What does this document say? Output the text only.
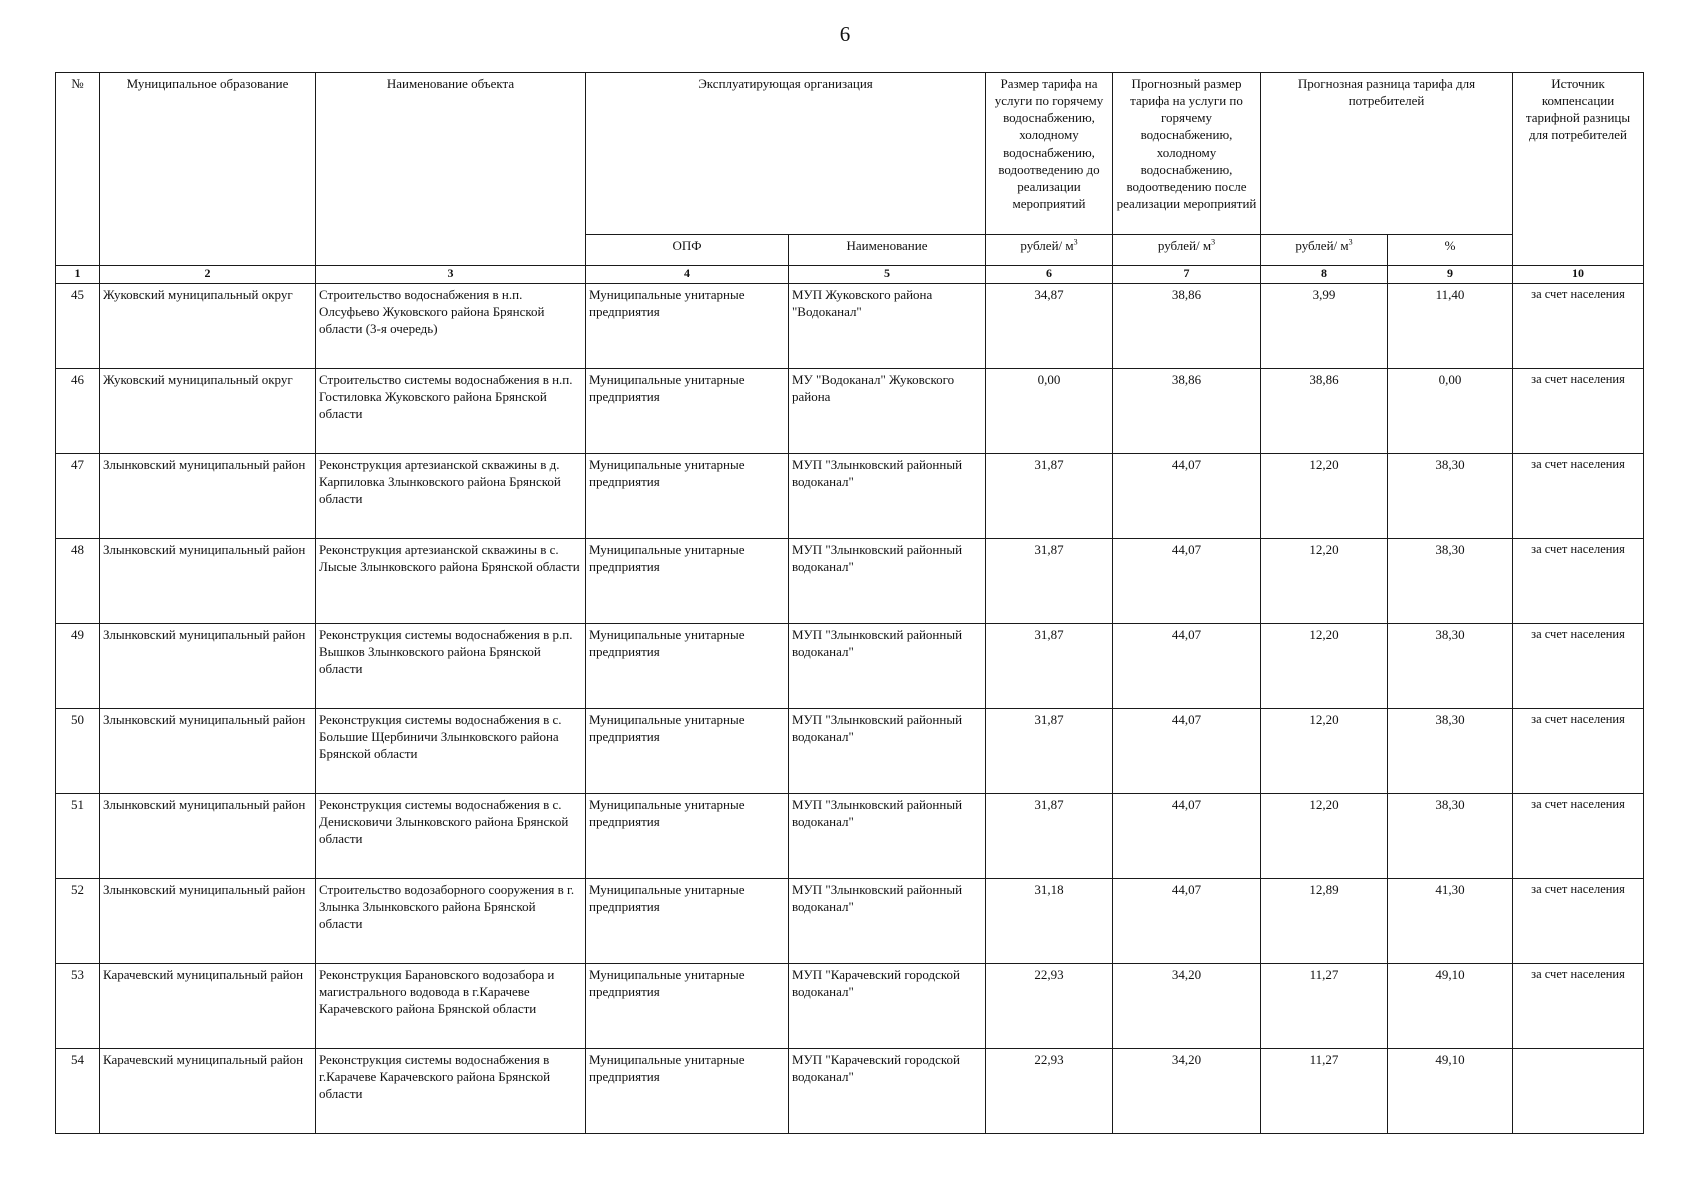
6
№	Муниципальное образование	Наименование объекта	Эксплуатирующая организация		Размер тарифа на услуги по горячему водоснабжению, холодному водоснабжению, водоотведению до реализации мероприятий	Прогнозный размер тарифа на услуги по горячему водоснабжению, холодному водоснабжению, водоотведению после реализации мероприятий	Прогнозная разница тарифа для потребителей		Источник компенсации тарифной разницы для потребителей
			ОПФ	Наименование	рублей/ $м^3$	рублей/ $м^3$	рублей/ $м^3$	%	
1	2	3	4	5	6	7	8	9	10
45	Жуковский муниципальный округ	Строительство водоснабжения в н.п. Олсуфьево Жуковского района Брянской области (3-я очередь)	Муниципальные унитарные предприятия	МУП Жуковского района "Водоканал"	34,87	38,86	3,99	11,40	за счет населения
46	Жуковский муниципальный округ	Строительство системы водоснабжения в н.п. Гостиловка Жуковского района Брянской области	Муниципальные унитарные предприятия	МУ "Водоканал" Жуковского района	0,00	38,86	38,86	0,00	за счет населения
47	Злынковский муниципальный район	Реконструкция артезианской скважины в д. Карпиловка Злынковского района Брянской области	Муниципальные унитарные предприятия	МУП "Злынковский районный водоканал"	31,87	44,07	12,20	38,30	за счет населения
48	Злынковский муниципальный район	Реконструкция артезианской скважины в с. Лысые Злынковского района Брянской области	Муниципальные унитарные предприятия	МУП "Злынковский районный водоканал"	31,87	44,07	12,20	38,30	за счет населения
49	Злынковский муниципальный район	Реконструкция системы водоснабжения в р.п. Вышков Злынковского района Брянской области	Муниципальные унитарные предприятия	МУП "Злынковский районный водоканал"	31,87	44,07	12,20	38,30	за счет населения
50	Злынковский муниципальный район	Реконструкция системы водоснабжения в с. Большие Щербиничи Злынковского района Брянской области	Муниципальные унитарные предприятия	МУП "Злынковский районный водоканал"	31,87	44,07	12,20	38,30	за счет населения
51	Злынковский муниципальный район	Реконструкция системы водоснабжения в с. Денисковичи Злынковского района Брянской области	Муниципальные унитарные предприятия	МУП "Злынковский районный водоканал"	31,87	44,07	12,20	38,30	за счет населения
52	Злынковский муниципальный район	Строительство водозаборного сооружения в г. Злынка Злынковского района Брянской области	Муниципальные унитарные предприятия	МУП "Злынковский районный водоканал"	31,18	44,07	12,89	41,30	за счет населения
53	Карачевский муниципальный район	Реконструкция Барановского водозабора и магистрального водовода в г.Карачеве Карачевского района Брянской области	Муниципальные унитарные предприятия	МУП "Карачевский городской водоканал"	22,93	34,20	11,27	49,10	за счет населения
54	Карачевский муниципальный район	Реконструкция системы водоснабжения в г.Карачеве Карачевского района Брянской области	Муниципальные унитарные предприятия	МУП "Карачевский городской водоканал"	22,93	34,20	11,27	49,10	
